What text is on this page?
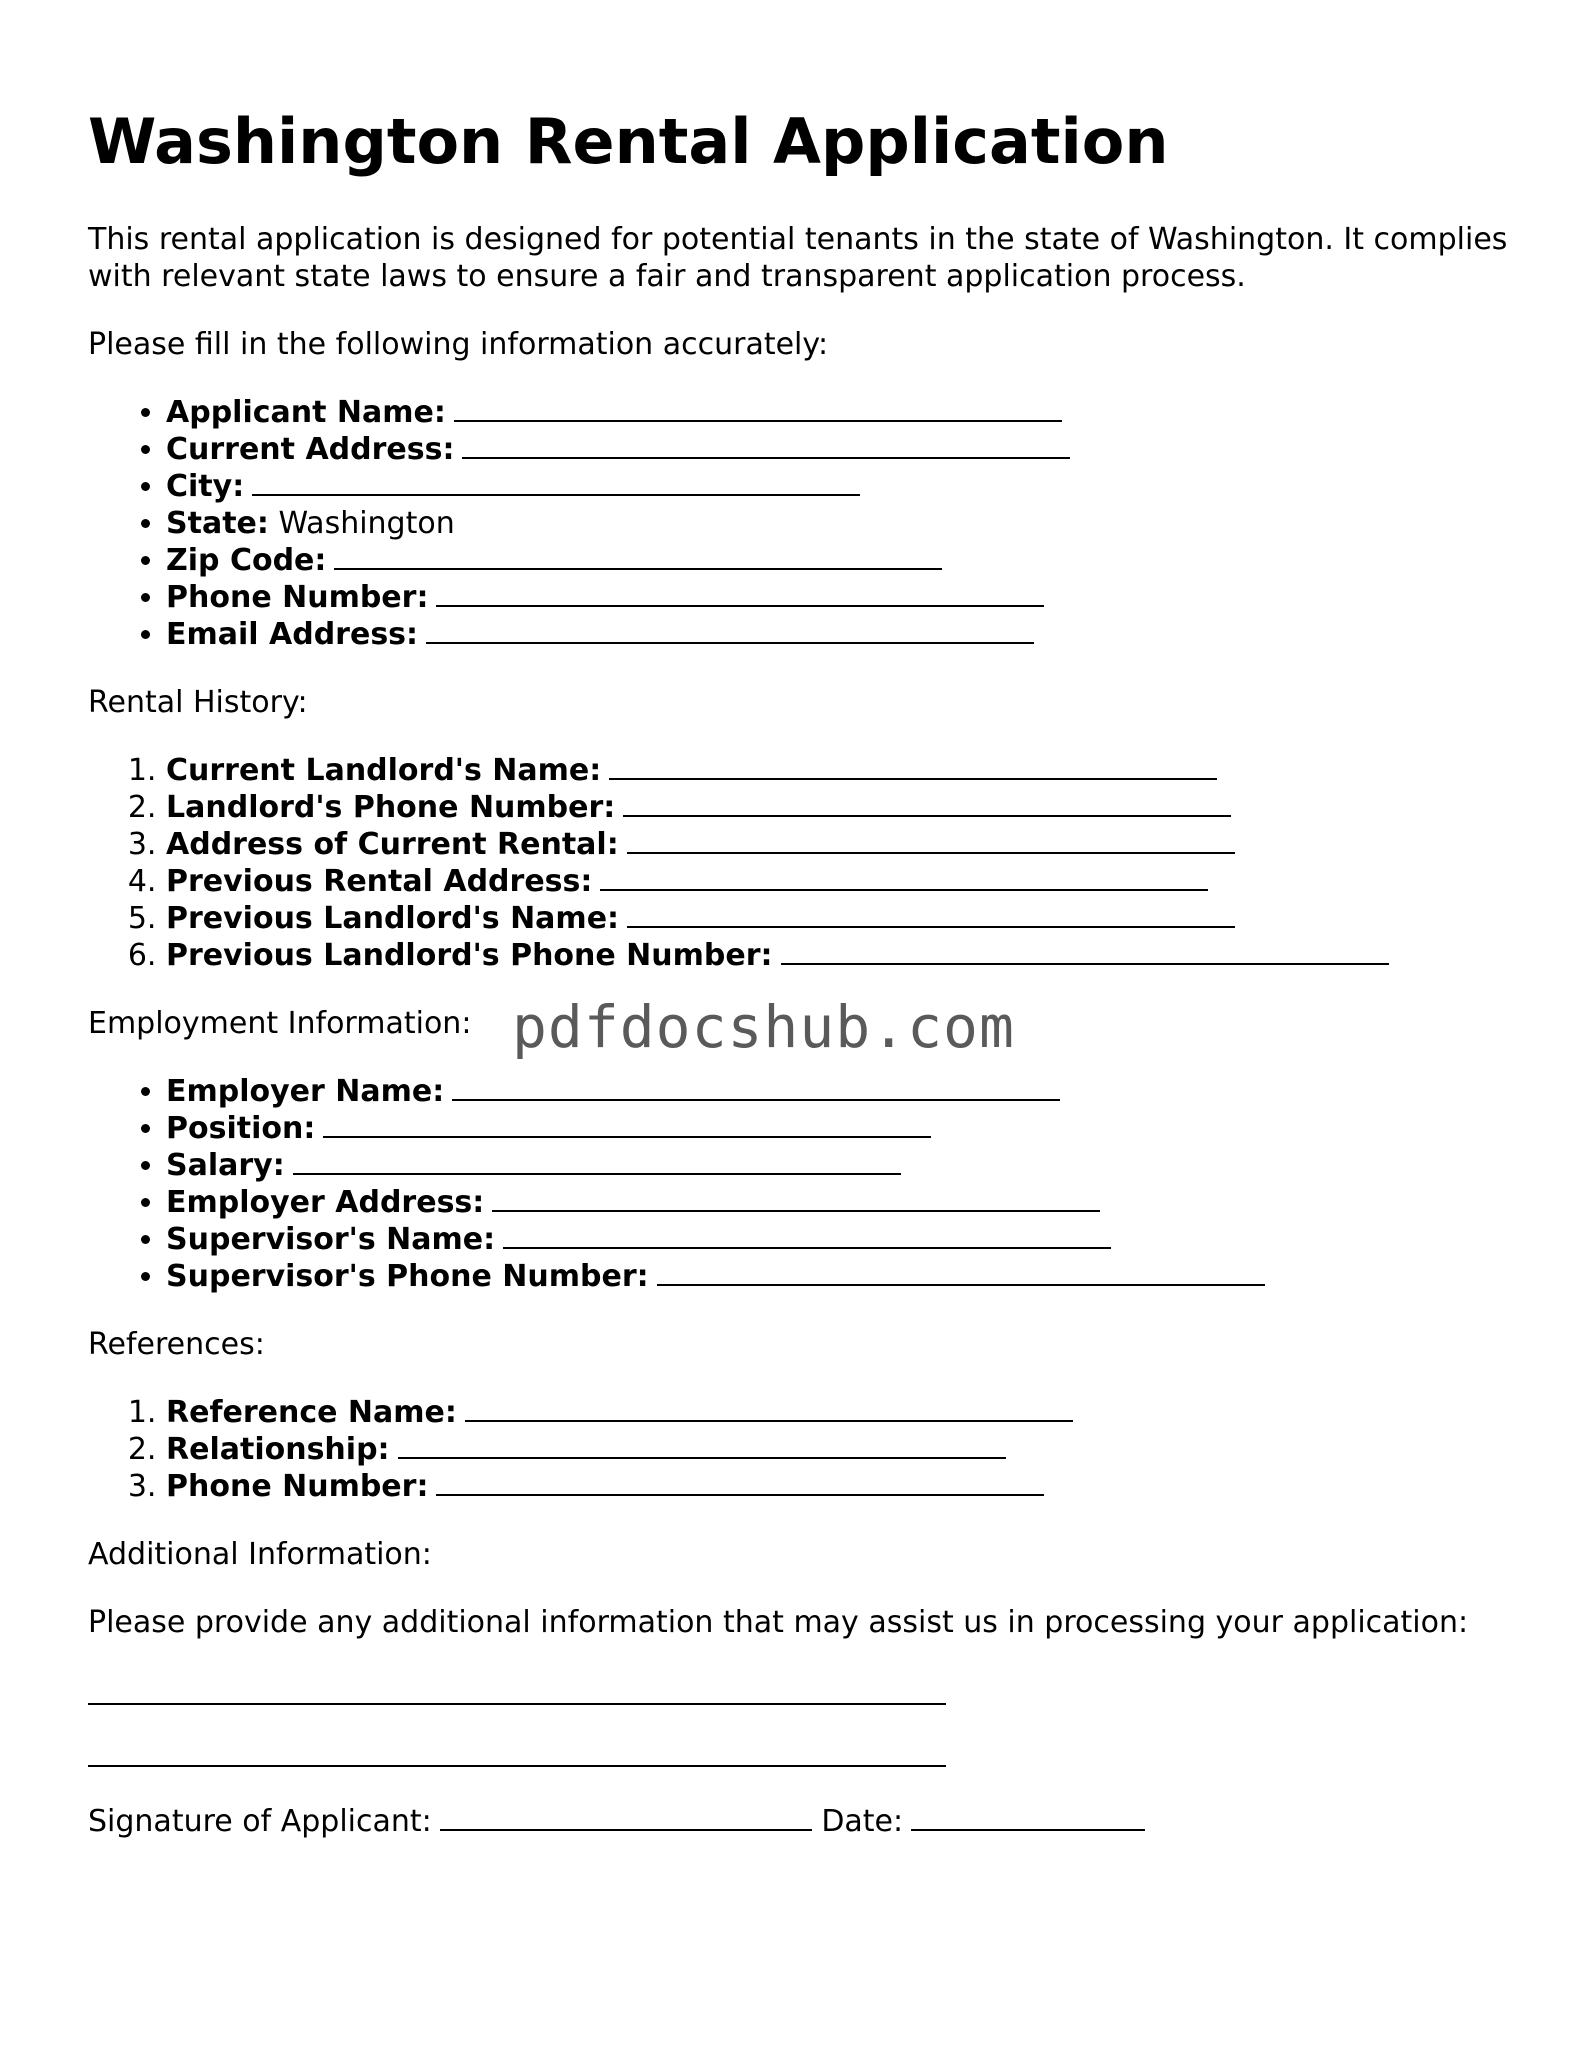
Washington Rental Application

This rental application is designed for potential tenants in the state of Washington. It complies with relevant state laws to ensure a fair and transparent application process.

Please fill in the following information accurately:

• Applicant Name:
• Current Address:
• City:
• State: Washington
• Zip Code:
• Phone Number:
• Email Address:

Rental History:

1. Current Landlord's Name:
2. Landlord's Phone Number:
3. Address of Current Rental:
4. Previous Rental Address:
5. Previous Landlord's Name:
6. Previous Landlord's Phone Number:

Employment Information:

• Employer Name:
• Position:
• Salary:
• Employer Address:
• Supervisor's Name:
• Supervisor's Phone Number:

References:

1. Reference Name:
2. Relationship:
3. Phone Number:

Additional Information:

Please provide any additional information that may assist us in processing your application:

Signature of Applicant:	Date:

pdfdocshub.com
